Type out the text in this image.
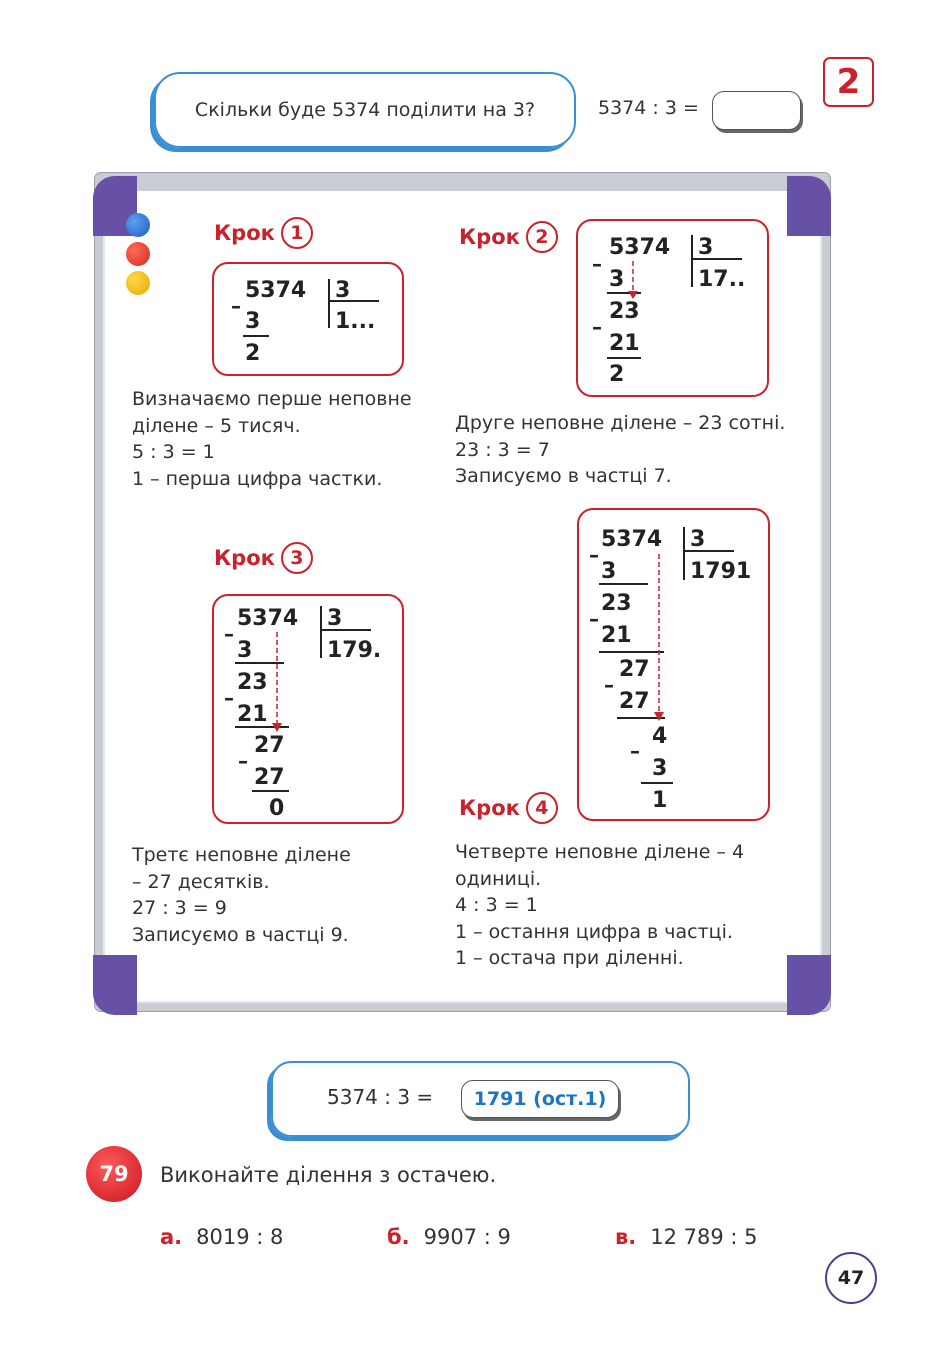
Скільки буде 5374 поділити на 3?	5374 : 3 =
2
Крок 1
5374
–
3
1...
3
2
Визначаємо перше неповне
ділене – 5 тисяч.
5 : 3 = 1
1 – перша цифра частки.
Крок 2	5374
–
3
17..
3
23
–
21
2
Друге неповне ділене – 23 сотні.
23 : 3 = 7
Записуємо в частці 7.
Крок 3
5374
–
3
179.
3
23
–
21
27
–
27
0
Третє неповне ділене
– 27 десятків.
27 : 3 = 9
Записуємо в частці 9.
5374
–
3
1791
3
23
–
21
27
–
27
4
–
3
1
Крок 4
Четверте неповне ділене – 4
одиниці.
4 : 3 = 1
1 – остання цифра в частці.
1 – остача при діленні.
5374 : 3 =	1791 (ост.1)
79	Виконайте ділення з остачею.
а. 8019 : 8	б. 9907 : 9	в. 12 789 : 5
47
